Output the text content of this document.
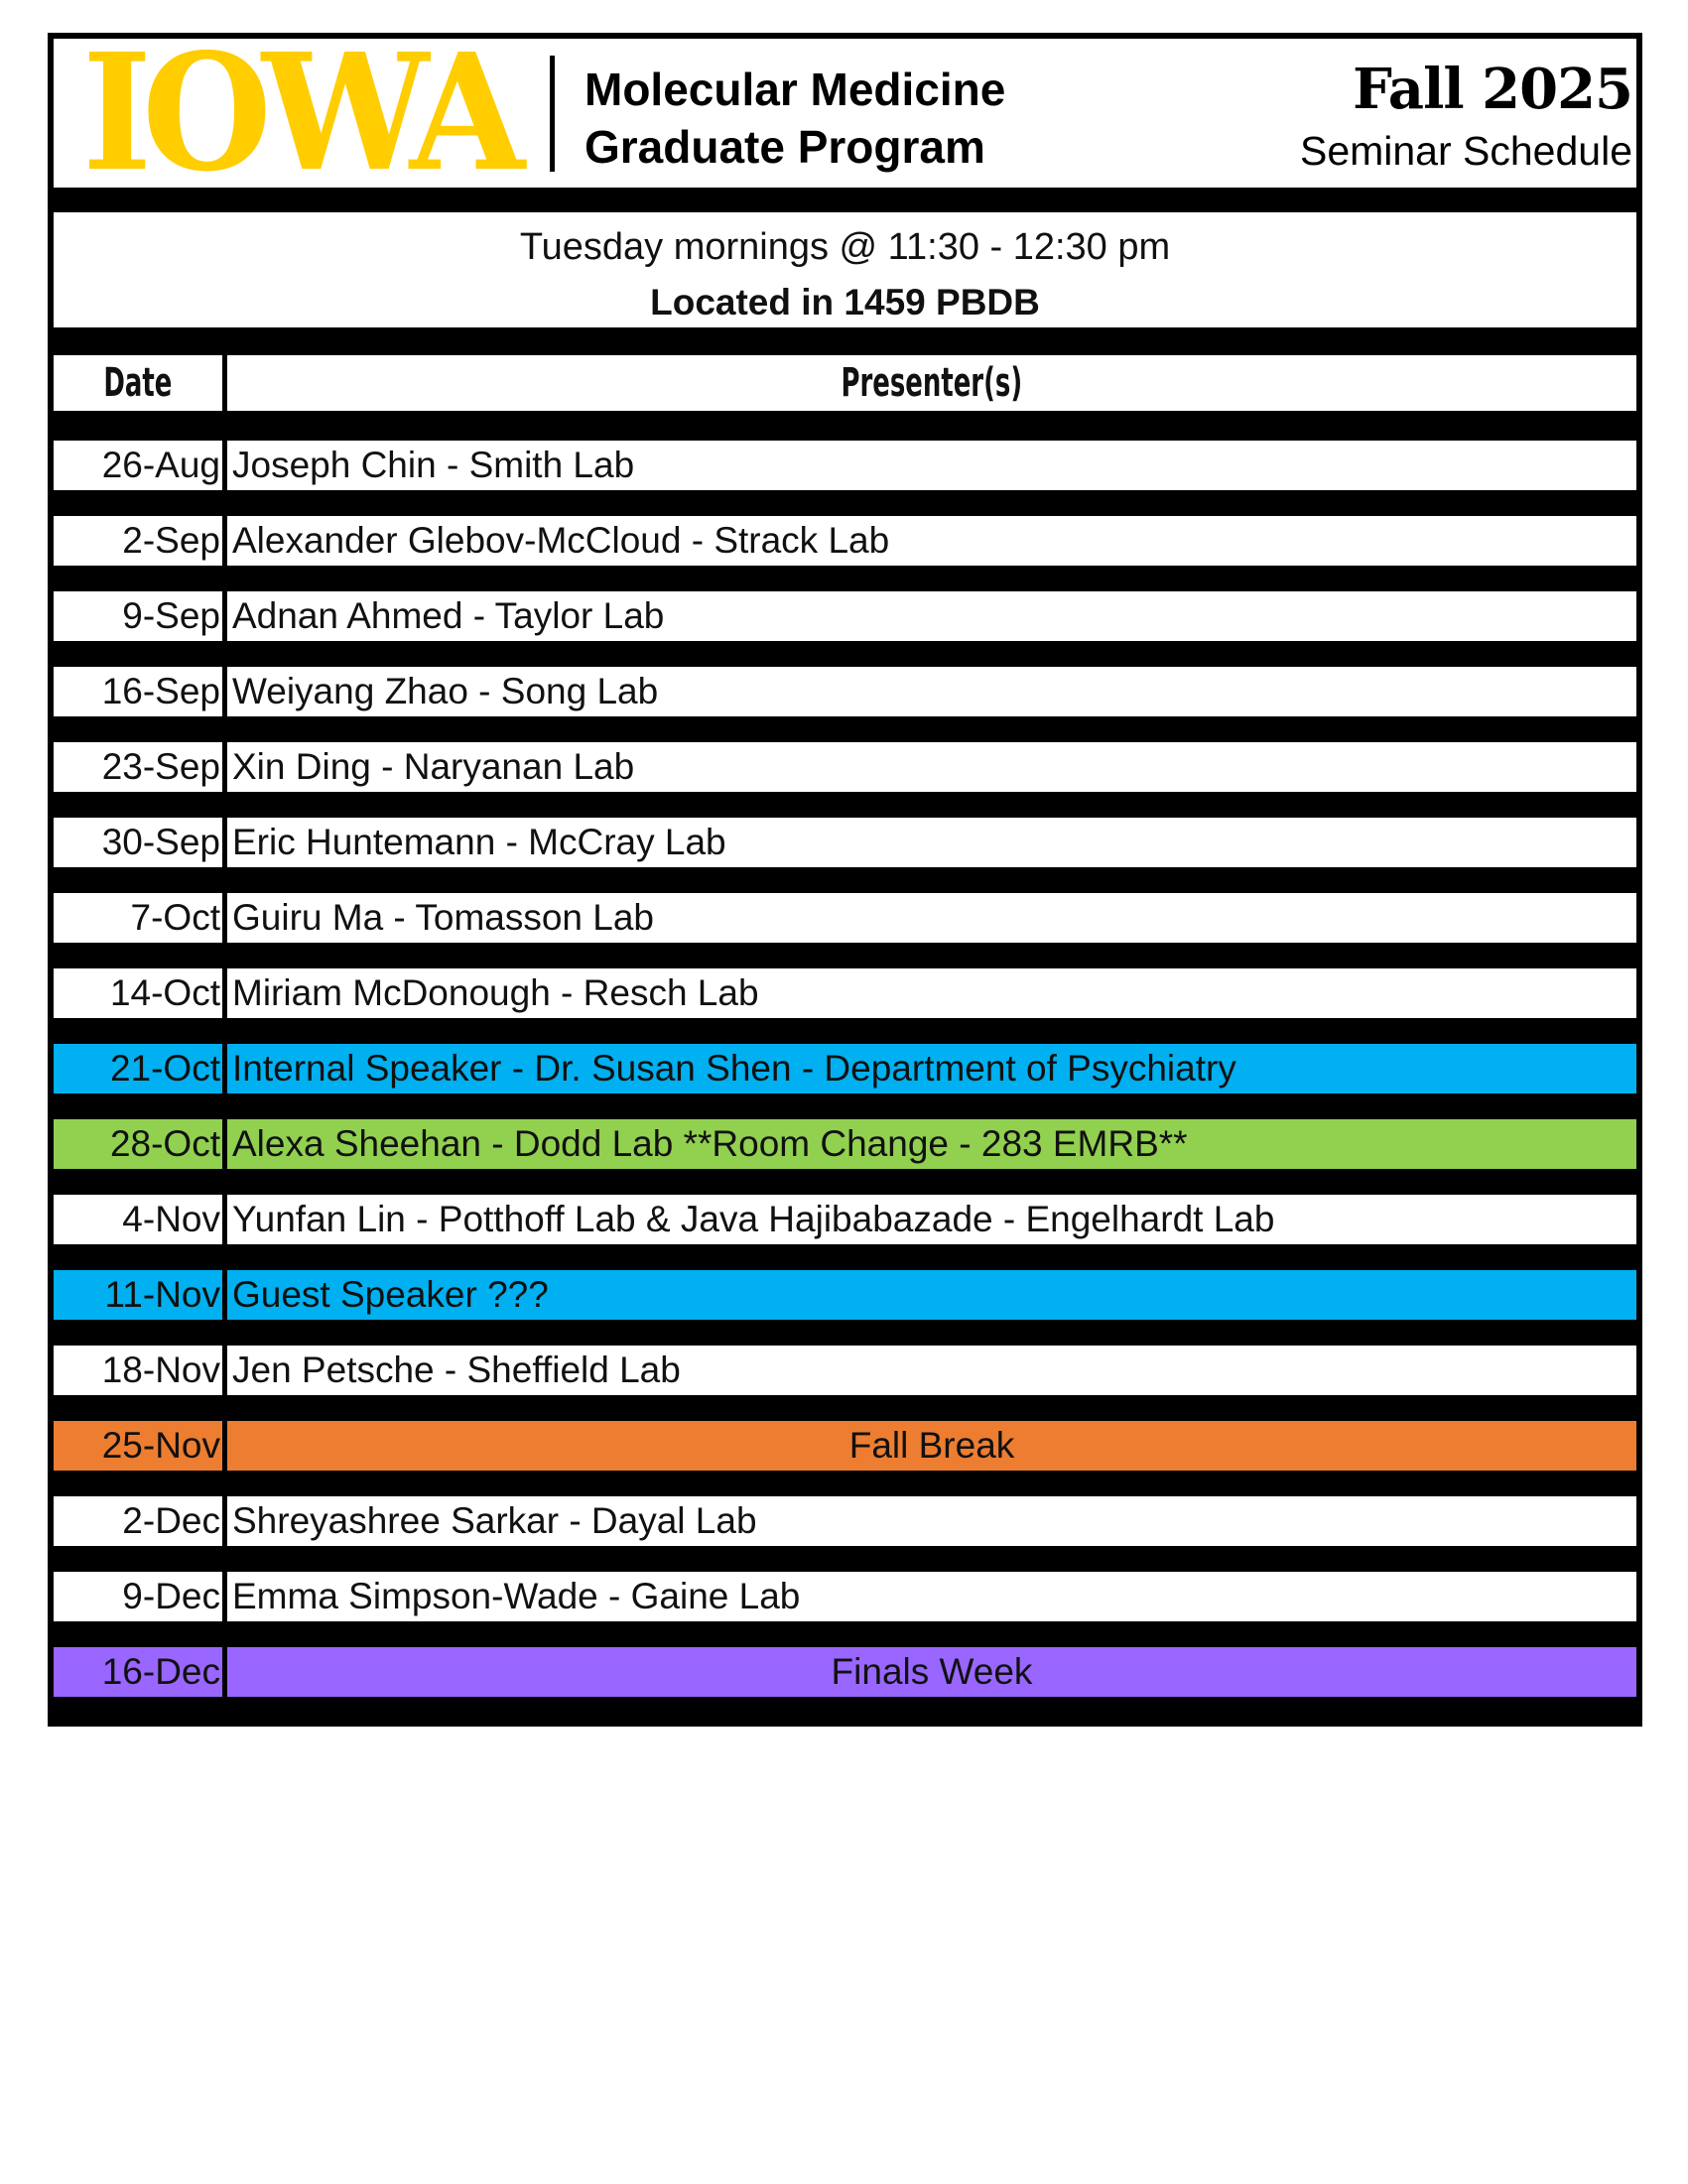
IOWA Molecular Medicine
Graduate Program
Fall 2025
Seminar Schedule
Tuesday mornings @ 11:30 - 12:30 pm
Located in 1459 PBDB
Date	Presenter(s)
26-Aug Joseph Chin - Smith Lab
2-Sep Alexander Glebov-McCloud - Strack Lab
9-Sep Adnan Ahmed - Taylor Lab
16-Sep Weiyang Zhao - Song Lab
23-Sep Xin Ding - Naryanan Lab
30-Sep Eric Huntemann - McCray Lab
7-Oct Guiru Ma - Tomasson Lab
14-Oct Miriam McDonough - Resch Lab
21-Oct Internal Speaker - Dr. Susan Shen - Department of Psychiatry
28-Oct Alexa Sheehan - Dodd Lab **Room Change - 283 EMRB**
4-Nov Yunfan Lin - Potthoff Lab & Java Hajibabazade - Engelhardt Lab
11-Nov Guest Speaker ???
18-Nov Jen Petsche - Sheffield Lab
25-Nov	Fall Break
2-Dec Shreyashree Sarkar - Dayal Lab
9-Dec Emma Simpson-Wade - Gaine Lab
16-Dec	Finals Week
